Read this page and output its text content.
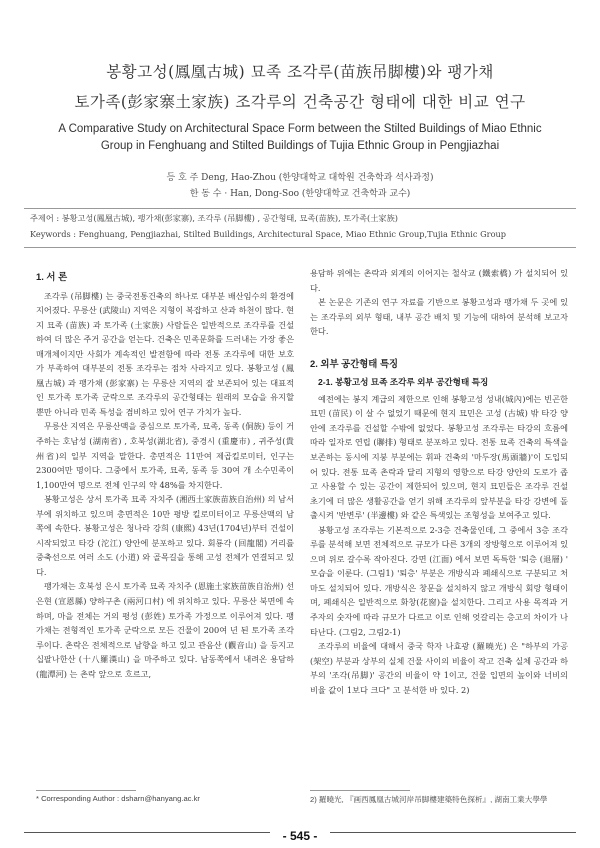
봉황고성(鳳凰古城) 묘족 조각루(苗族吊脚樓)와 팽가채
토가족(彭家寨土家族) 조각루의 건축공간 형태에 대한 비교 연구
A Comparative Study on Architectural Space Form between the Stilted Buildings of Miao Ethnic
Group in Fenghuang and Stilted Buildings of Tujia Ethnic Group in Pengjiazhai
등 호 주 Deng, Hao-Zhou (한양대학교 대학원 건축학과 석사과정)
한 동 수 · Han, Dong-Soo (한양대학교 건축학과 교수)
주제어 : 봉황고성(鳳凰古城), 팽가채(彭家寨), 조각루 (吊脚樓) , 공간형태, 묘족(苗族), 토가족(土家族)
Keywords : Fenghuang, Pengjiazhai, Stilted Buildings, Architectural Space, Miao Ethnic Group,Tujia Ethnic Group
1. 서 론

조각루 (吊脚樓) 는 중국전통건축의 하나로 대부분 배산임수의 환경에 지어졌다. 무릉산 (武陵山) 지역은 지형이 복잡하고 산과 하천이 많다. 현지 묘족 (苗族) 과 토가족 (土家族) 사람들은 일반적으로 조각루를 건설하여 더 많은 주거 공간을 얻는다. 건축은 민족문화를 드러내는 가장 좋은 매개체이지만 사회가 계속적인 발전함에 따라 전통 조각루에 대한 보호가 부족하여 대부분의 전통 조각루는 점차 사라지고 있다. 봉황고성 (鳳凰古城) 과 팽가채 (彭家寨) 는 무릉산 지역의 잘 보존되어 있는 대표적인 토가족 토가족 군락으로 조각루의 공간형태는 원래의 모습을 유지할 뿐만 아니라 민족 특성을 겸비하고 있어 연구 가치가 높다.

무릉산 지역은 무릉산맥을 중심으로 토가족, 묘족, 동족 (侗族) 등이 거주하는 호남성 (湖南省) , 호북성(湖北省), 중경시 (重慶市) , 귀주성(貴州省)의 일부 지역을 말한다. 총면적은 11만여 제곱킬로미터, 인구는 2300여만 명이다. 그중에서 토가족, 묘족, 동족 등 30여 개 소수민족이 1,100만여 명으로 전체 인구의 약 48%를 차지한다.

봉황고성은 상서 토가족 묘족 자치주 (湘西土家族苗族自治州) 의 남서부에 위치하고 있으며 총면적은 10만 평방 킬로미터이고 무릉산맥의 남쪽에 속한다. 봉황고성은 청나라 강희 (康熙) 43년(1704년)부터 건설이 시작되었고 타강 (沱江) 양안에 분포하고 있다. 회룡각 (回龍閣) 거리를 중축선으로 여러 소도 (小道) 와 골목길을 통해 고성 전체가 연결되고 있다.

팽가채는 호북성 은시 토가족 묘족 자치주 (恩施土家族苗族自治州) 선은현 (宣恩縣) 양하구촌 (兩河口村) 에 위치하고 있다. 무릉산 북면에 속하며, 마을 전체는 거의 평성 (彭姓) 토가족 가정으로 이루어져 있다. 팽가채는 전형적인 토가족 군락으로 모든 건물이 200여 년 된 토가족 조각루이다. 촌락은 전체적으로 남향을 하고 있고 관음산 (觀音山) 을 등지고 십팔나한산 (十八羅漢山) 을 마주하고 있다. 남동쪽에서 내려온 용담하 (龍潭河) 는 촌락 앞으로 흐르고,

용담하 위에는 촌락과 외계의 이어지는 철삭교 (鐵索橋) 가 설치되어 있다.

본 논문은 기존의 연구 자료를 기반으로 봉황고성과 팽가채 두 곳에 있는 조각루의 외부 형태, 내부 공간 배치 및 기능에 대하여 분석해 보고자 한다.

2. 외부 공간형태 특징
2-1. 봉황고성 묘족 조각루 외부 공간형태 특징

예전에는 봉지 계급의 제한으로 인해 봉황고성 성내(城內)에는 빈곤한 묘민 (苗民) 이 살 수 없었기 때문에 현지 묘민은 고성 (古城) 밖 타강 양안에 조각루를 건설할 수밖에 없었다. 봉황고성 조각루는 타강의 흐름에 따라 일자로 연립 (聯排) 형태로 분포하고 있다. 전통 묘족 건축의 특색을 보존하는 동시에 지붕 부분에는 휘파 건축의 '마두장(馬頭牆)'이 도입되어 있다. 전통 묘족 촌락과 달리 지형의 영향으로 타강 양안의 도로가 좁고 사용할 수 있는 공간이 제한되어 있으며, 현지 묘민들은 조각루 건설 초기에 더 많은 생활공간을 얻기 위해 조각루의 앞부분을 타강 강변에 돌출시켜 '반변루' (半邊樓) 와 같은 특색있는 조형성을 보여주고 있다.

봉황고성 조각루는 기본적으로 2-3층 건축물인데, 그 중에서 3층 조각루를 분석해 보면 전체적으로 규모가 다른 3개의 장방형으로 이루어져 있으며 위로 갈수록 작아진다. 강면 (江面) 에서 보면 독특한 '퇴층 (退層) ' 모습을 이룬다. (그림1) '퇴층' 부분은 개방식과 폐쇄식으로 구분되고 처마도 설치되어 있다. 개방식은 창문을 설치하지 않고 개방식 회랑 형태이며, 폐쇄식은 일반적으로 화창(花窗)을 설치한다. 그리고 사용 목적과 거주자의 숫자에 따라 규모가 다르고 이로 인해 엇갈리는 층고의 차이가 나타난다. (그림2, 그림2-1)

조각루의 비율에 대해서 중국 학자 나효광 (羅曉光) 은 "하부의 가공 (架空) 부분과 상부의 실체 건물 사이의 비율이 작고 건축 실체 공간과 하부의 '조각(吊脚)' 공간의 비율이 약 1이고, 건물 입면의 높이와 너비의 비율 값이 1보다 크다" 고 분석한 바 있다. 2)

* Corresponding Author : dsharn@hanyang.ac.kr	2) 羅曉光, 『画西鳳凰古城河岸吊脚樓建築特色探析』, 湖南工業大學學
- 545 -
